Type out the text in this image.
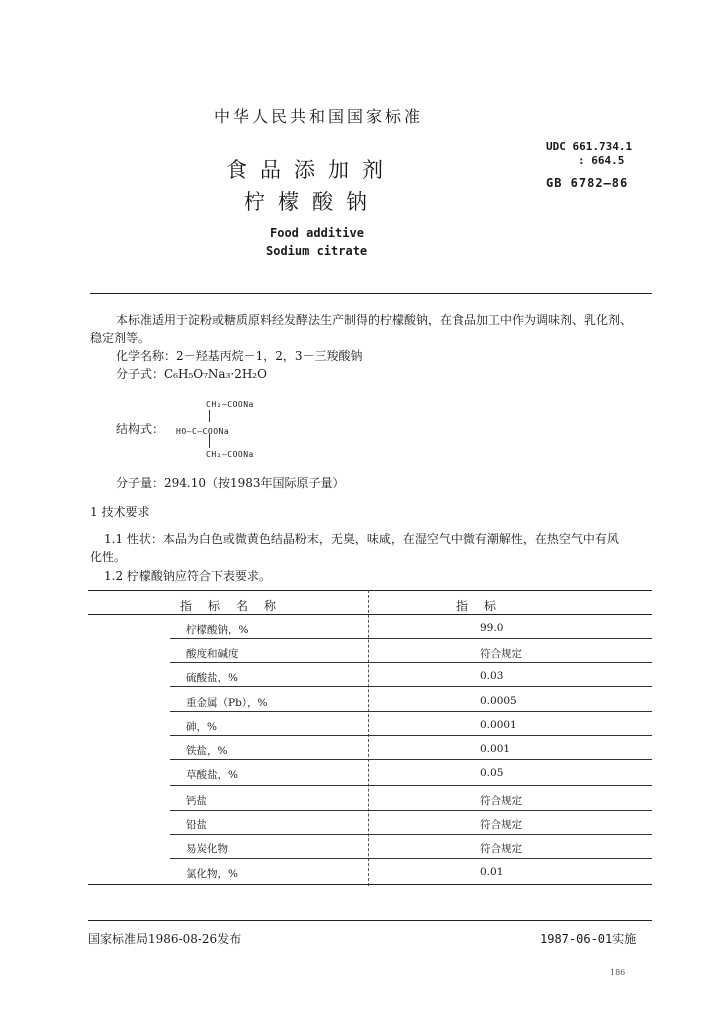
中华人民共和国国家标准
食品添加剂
柠檬酸钠
Food additive
Sodium citrate
UDC 661.734.1
: 664.5
GB 6782—86
本标准适用于淀粉或糖质原料经发酵法生产制得的柠檬酸钠，在食品加工中作为调味剂、乳化剂、
稳定剂等。
化学名称：2－羟基丙烷－1，2，3－三羧酸钠
分子式：C₆H₅O₇Na₃·2H₂O
结构式：
CH₂—COONa
HO—C—COONa
CH₂—COONa
分子量：294.10（按1983年国际原子量）
1 技术要求
1.1 性状：本品为白色或微黄色结晶粉末，无臭，味咸，在湿空气中微有潮解性，在热空气中有风
化性。
1.2 柠檬酸钠应符合下表要求。
指标名称	指标
柠檬酸钠，%	99.0
酸度和碱度	符合规定
硫酸盐，%	0.03
重金属（Pb），%	0.0005
砷，%	0.0001
铁盐，%	0.001
草酸盐，%	0.05
钙盐	符合规定
铅盐	符合规定
易炭化物	符合规定
氯化物，%	0.01
国家标准局1986-08-26发布	1987-06-01实施
186
